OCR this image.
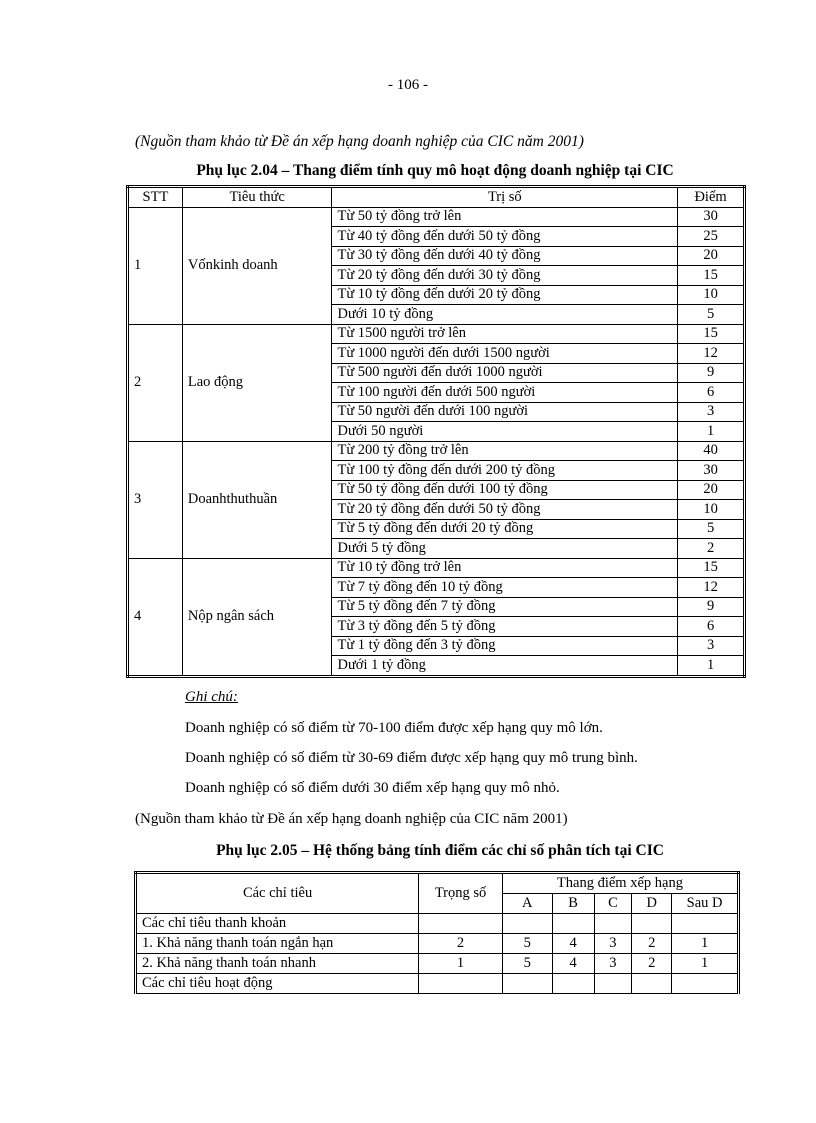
- 106 -
(Nguồn tham khảo từ Đề án xếp hạng doanh nghiệp của CIC năm 2001)
Phụ lục 2.04 – Thang điểm tính quy mô hoạt động doanh nghiệp tại CIC
STT	Tiêu thức	Trị số	Điểm
1	Vốnkinh doanh	Từ 50 tỷ đồng trở lên	30
		Từ 40 tỷ đồng đến dưới 50 tỷ đồng	25
		Từ 30 tỷ đồng đến dưới 40 tỷ đồng	20
		Từ 20 tỷ đồng đến dưới 30 tỷ đồng	15
		Từ 10 tỷ đồng đến dưới 20 tỷ đồng	10
		Dưới 10 tỷ đồng	5
2	Lao động	Từ 1500 người trở lên	15
		Từ 1000 người đến dưới 1500 người	12
		Từ 500 người đến dưới 1000 người	9
		Từ 100 người đến dưới 500 người	6
		Từ 50 người đến dưới 100 người	3
		Dưới 50 người	1
3	Doanhthuthuần	Từ 200 tỷ đồng trở lên	40
		Từ 100 tỷ đồng đến dưới 200 tỷ đồng	30
		Từ 50 tỷ đồng đến dưới 100 tỷ đồng	20
		Từ 20 tỷ đồng đến dưới 50 tỷ đồng	10
		Từ 5 tỷ đồng đến dưới 20 tỷ đồng	5
		Dưới 5 tỷ đồng	2
4	Nộp ngân sách	Từ 10 tỷ đồng trở lên	15
		Từ 7 tỷ đồng đến 10 tỷ đồng	12
		Từ 5 tỷ đồng đến 7 tỷ đồng	9
		Từ 3 tỷ đồng đến 5 tỷ đồng	6
		Từ 1 tỷ đồng đến 3 tỷ đồng	3
		Dưới 1 tỷ đồng	1
Ghi chú:
Doanh nghiệp có số điểm từ 70-100 điểm được xếp hạng quy mô lớn.
Doanh nghiệp có số điểm từ 30-69 điểm được xếp hạng quy mô trung bình.
Doanh nghiệp có số điểm dưới 30 điểm xếp hạng quy mô nhỏ.
(Nguồn tham khảo từ Đề án xếp hạng doanh nghiệp của CIC năm 2001)
Phụ lục 2.05 – Hệ thống bảng tính điểm các chỉ số phân tích tại CIC
Các chỉ tiêu	Trọng số	Thang điểm xếp hạng				
		A	B	C	D	Sau D
Các chỉ tiêu thanh khoản						
1. Khả năng thanh toán ngắn hạn	2	5	4	3	2	1
2. Khả năng thanh toán nhanh	1	5	4	3	2	1
Các chỉ tiêu hoạt động						
